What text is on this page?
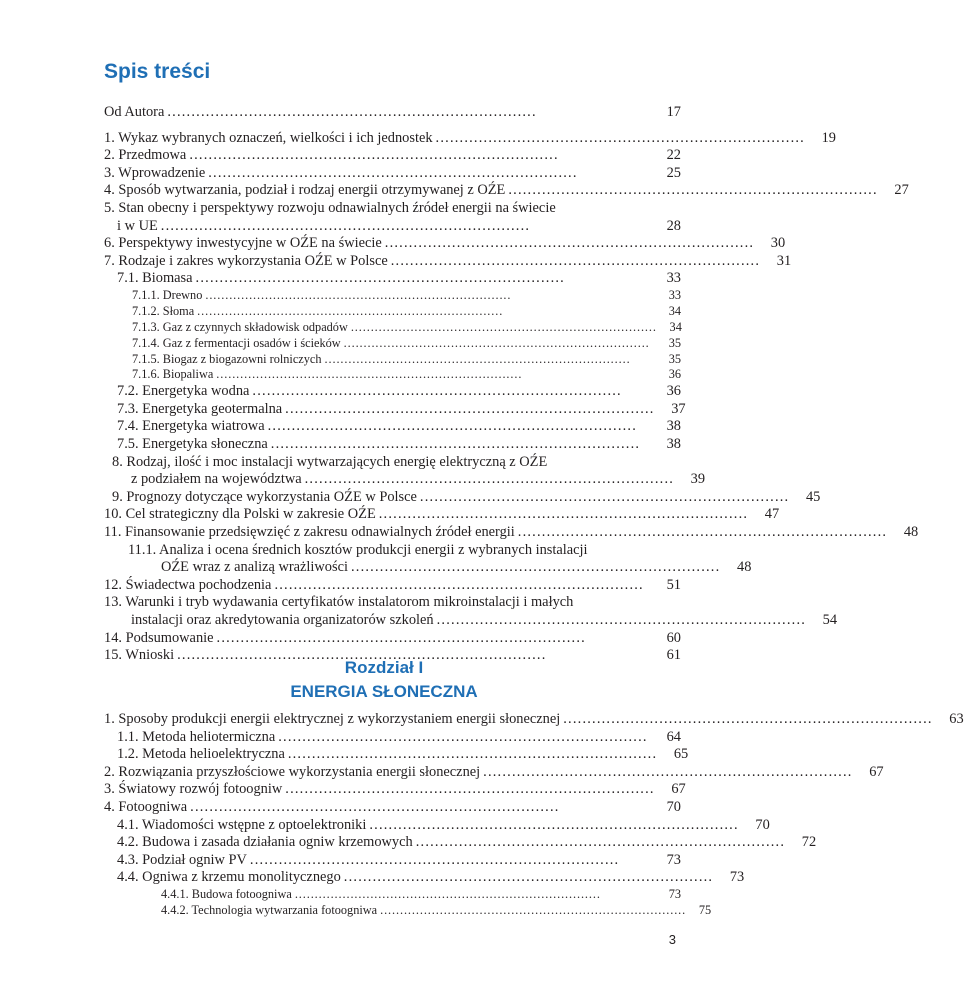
Spis treści
Od Autora .............................................................................	17
1. Wykaz wybranych oznaczeń, wielkości i ich jednostek .............................................................................	19
2. Przedmowa .............................................................................	22
3. Wprowadzenie .............................................................................	25
4. Sposób wytwarzania, podział i rodzaj energii otrzymywanej z OŹE .............................................................................	27
5. Stan obecny i perspektywy rozwoju odnawialnych źródeł energii na świecie
i w UE .............................................................................	28
6. Perspektywy inwestycyjne w OŹE na świecie .............................................................................	30
7. Rodzaje i zakres wykorzystania OŹE w Polsce .............................................................................	31
7.1. Biomasa .............................................................................	33
7.1.1. Drewno .............................................................................	33
7.1.2. Słoma .............................................................................	34
7.1.3. Gaz z czynnych składowisk odpadów .............................................................................	34
7.1.4. Gaz z fermentacji osadów i ścieków .............................................................................	35
7.1.5. Biogaz z biogazowni rolniczych .............................................................................	35
7.1.6. Biopaliwa .............................................................................	36
7.2. Energetyka wodna .............................................................................	36
7.3. Energetyka geotermalna .............................................................................	37
7.4. Energetyka wiatrowa .............................................................................	38
7.5. Energetyka słoneczna .............................................................................	38
8. Rodzaj, ilość i moc instalacji wytwarzających energię elektryczną z OŹE
z podziałem na województwa .............................................................................	39
9. Prognozy dotyczące wykorzystania OŹE w Polsce .............................................................................	45
10. Cel strategiczny dla Polski w zakresie OŹE .............................................................................	47
11. Finansowanie przedsięwzięć z zakresu odnawialnych źródeł energii .............................................................................	48
11.1. Analiza i ocena średnich kosztów produkcji energii z wybranych instalacji
OŹE wraz z analizą wrażliwości .............................................................................	48
12. Świadectwa pochodzenia .............................................................................	51
13. Warunki i tryb wydawania certyfikatów instalatorom mikroinstalacji i małych
instalacji oraz akredytowania organizatorów szkoleń .............................................................................	54
14. Podsumowanie .............................................................................	60
15. Wnioski .............................................................................	61
Rozdział I
ENERGIA SŁONECZNA
1. Sposoby produkcji energii elektrycznej z wykorzystaniem energii słonecznej .............................................................................	63
1.1. Metoda heliotermiczna .............................................................................	64
1.2. Metoda helioelektryczna .............................................................................	65
2. Rozwiązania przyszłościowe wykorzystania energii słonecznej .............................................................................	67
3. Światowy rozwój fotoogniw .............................................................................	67
4. Fotoogniwa .............................................................................	70
4.1. Wiadomości wstępne z optoelektroniki .............................................................................	70
4.2. Budowa i zasada działania ogniw krzemowych .............................................................................	72
4.3. Podział ogniw PV .............................................................................	73
4.4. Ogniwa z krzemu monolitycznego .............................................................................	73
4.4.1. Budowa fotoogniwa .............................................................................	73
4.4.2. Technologia wytwarzania fotoogniwa .............................................................................	75
3
